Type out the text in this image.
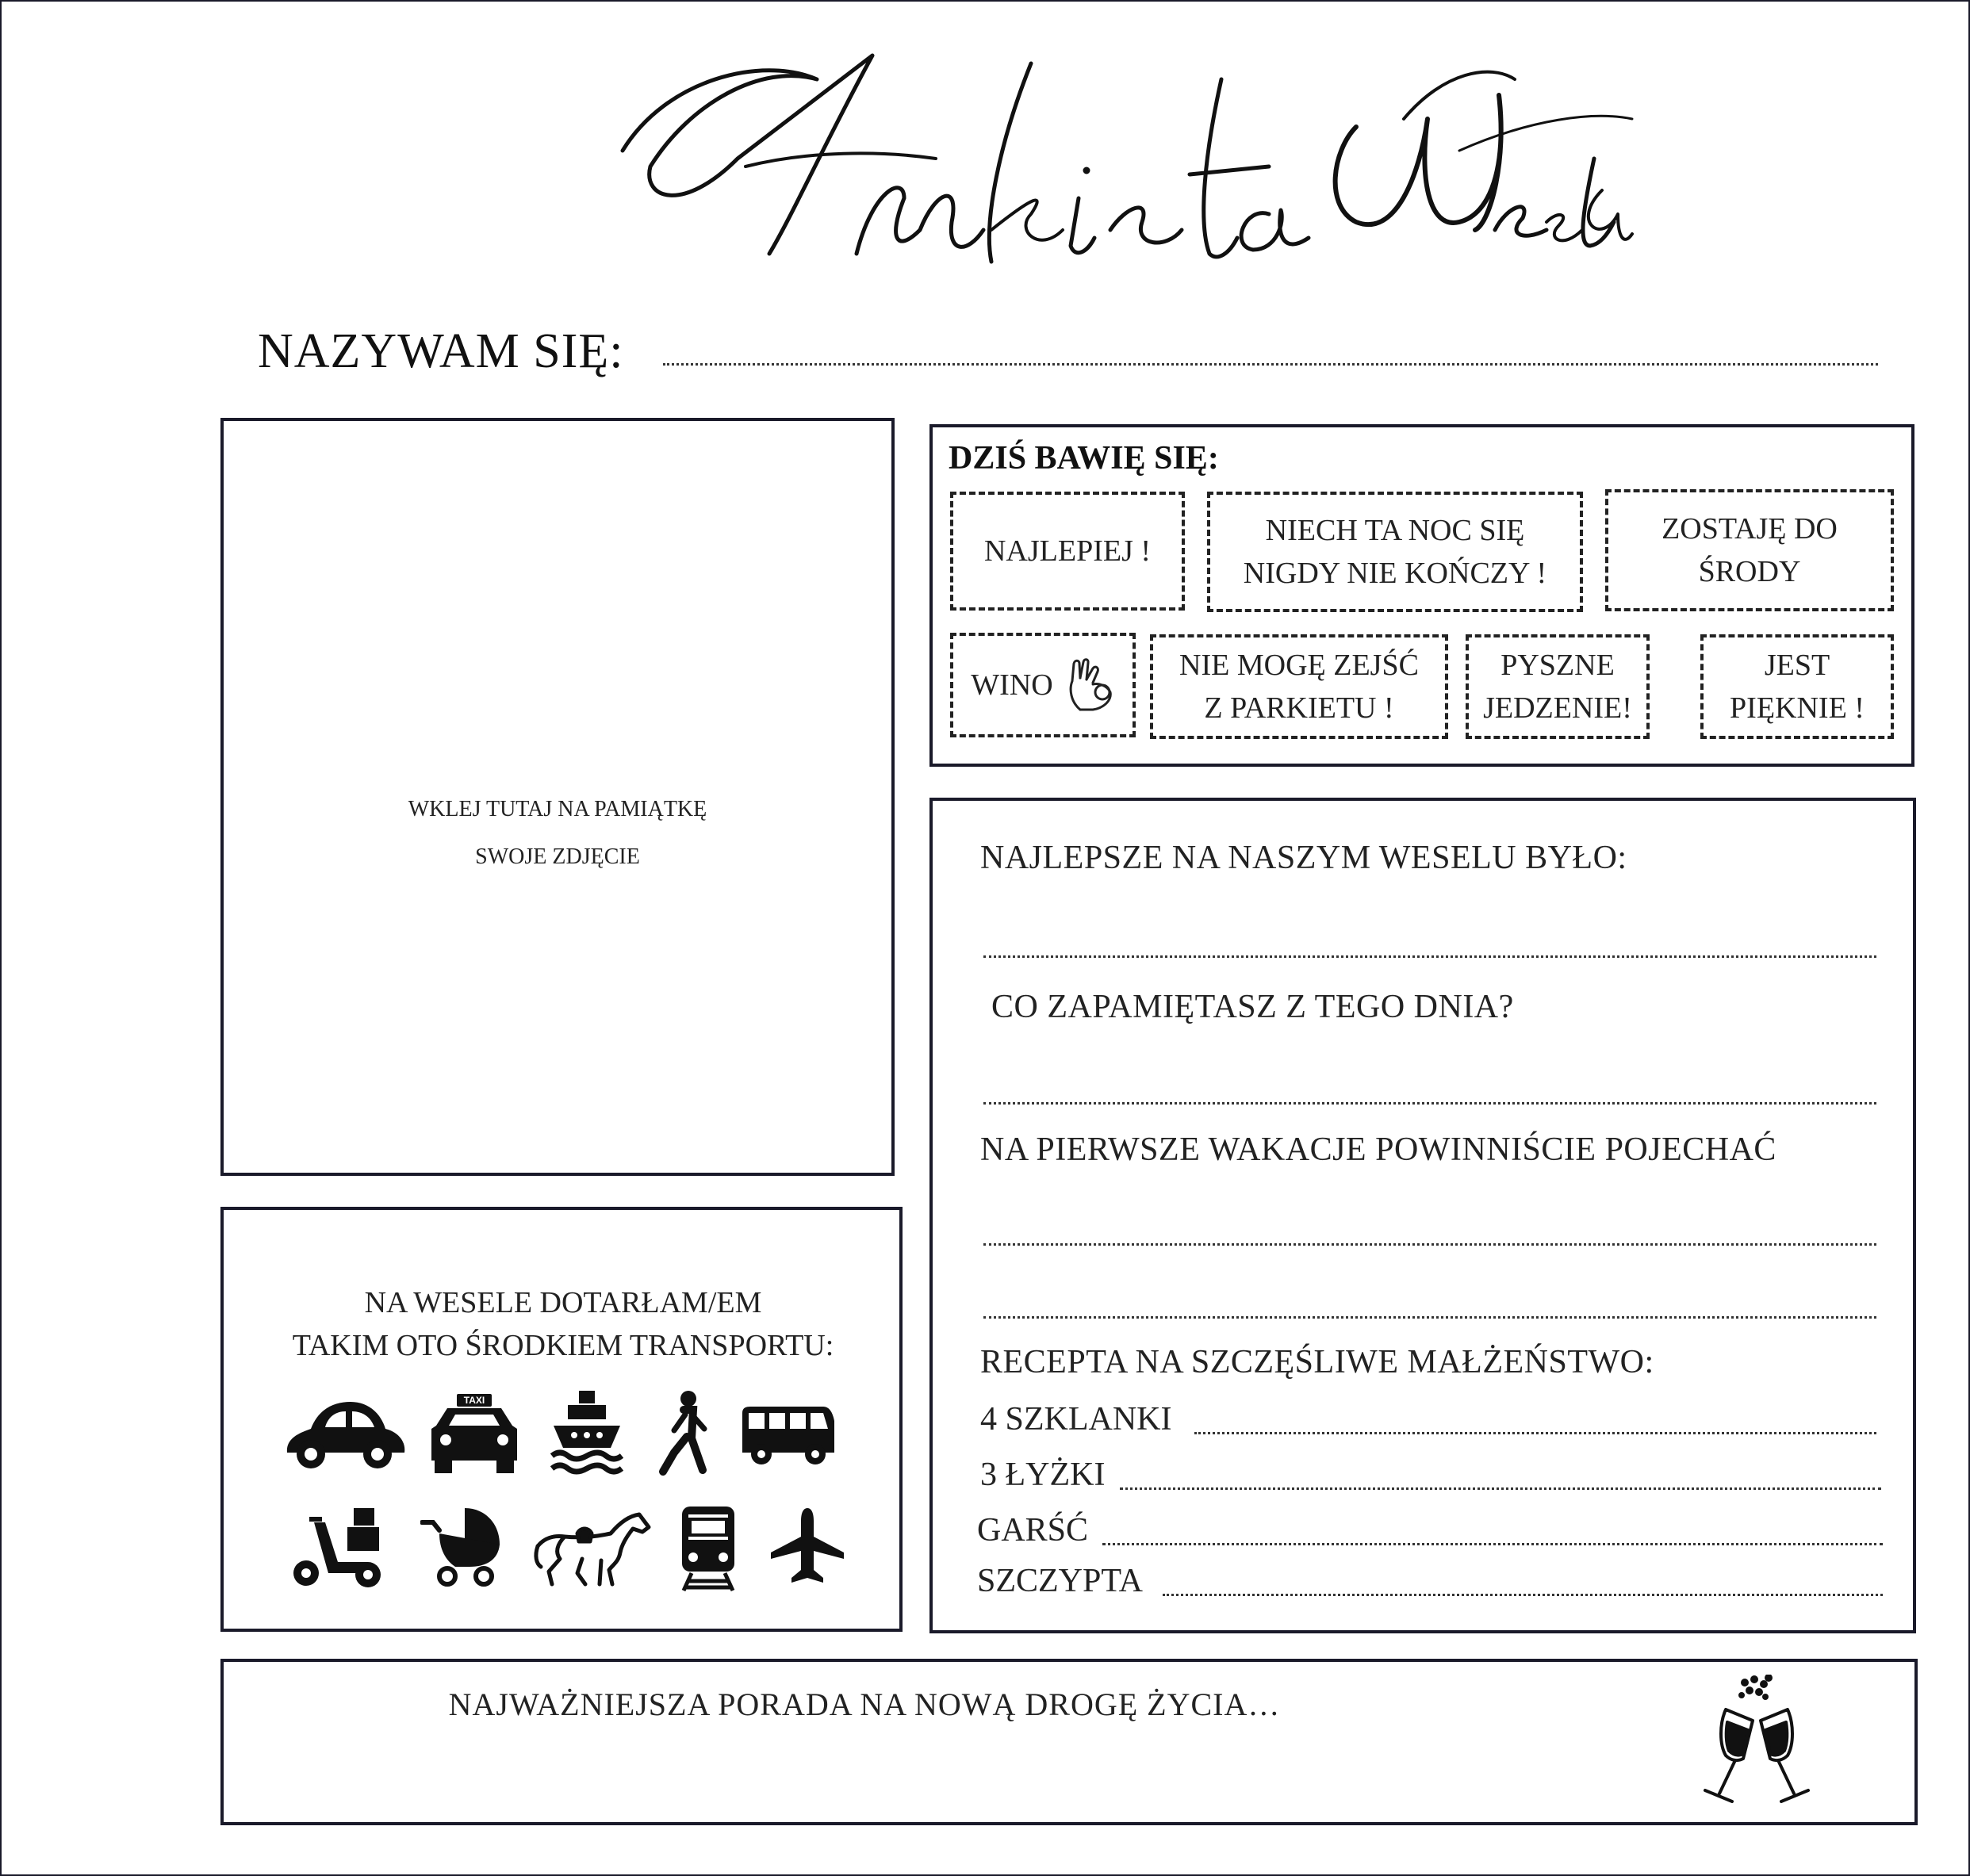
NAZYWAM SIĘ:
WKLEJ TUTAJ NA PAMIĄTKĘ
SWOJE ZDJĘCIE
DZIŚ BAWIĘ SIĘ:
NAJLEPIEJ !
NIECH TA NOC SIĘ
NIGDY NIE KOŃCZY !
ZOSTAJĘ DO
ŚRODY
WINO
NIE MOGĘ ZEJŚĆ
Z PARKIETU !
PYSZNE
JEDZENIE!
JEST
PIĘKNIE !
NAJLEPSZE NA NASZYM WESELU BYŁO:
CO ZAPAMIĘTASZ Z TEGO DNIA?
NA PIERWSZE WAKACJE POWINNIŚCIE POJECHAĆ
RECEPTA NA SZCZĘŚLIWE MAŁŻEŃSTWO:
4 SZKLANKI
3 ŁYŻKI
GARŚĆ
SZCZYPTA
NA WESELE DOTARŁAM/EM
TAKIM OTO ŚRODKIEM TRANSPORTU:
TAXI
NAJWAŻNIEJSZA PORADA NA NOWĄ DROGĘ ŻYCIA…
